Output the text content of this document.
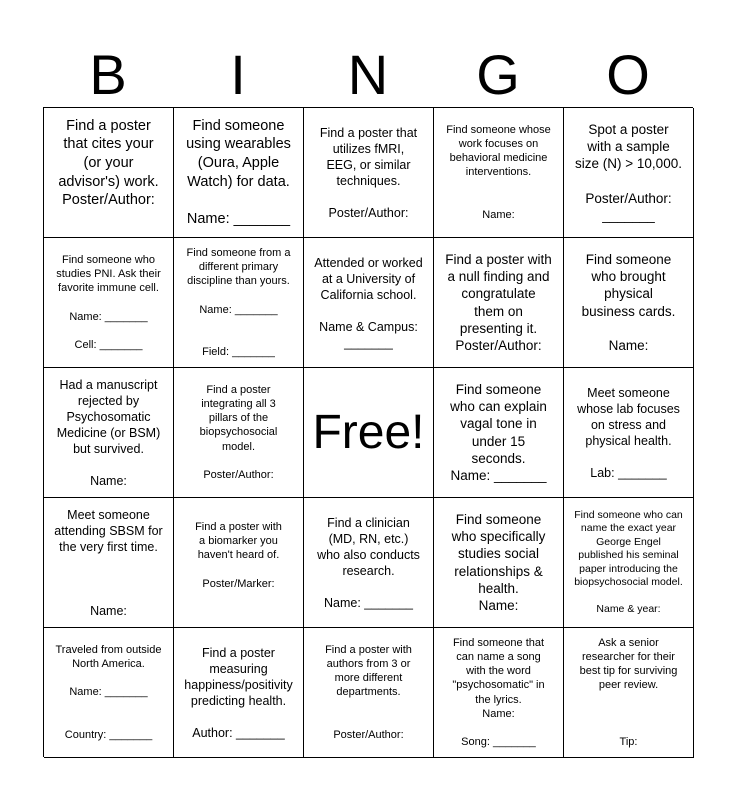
B	I	N	G	O
Find a poster
that cites your
(or your
advisor's) work.
Poster/Author:

Find someone
using wearables
(Oura, Apple
Watch) for data.

Name: _______
Find a poster that
utilizes fMRI,
EEG, or similar
techniques.

Poster/Author:

Find someone whose
work focuses on
behavioral medicine
interventions.

Name:
Spot a poster
with a sample
size (N) > 10,000.

Poster/Author:
_______
Find someone who
studies PNI. Ask their
favorite immune cell.

Name: _______

Cell: _______
Find someone from a
different primary
discipline than yours.

Name: _______

Field: _______
Attended or worked
at a University of
California school.

Name & Campus:
_______
Find a poster with
a null finding and
congratulate
them on
presenting it.
Poster/Author:
Find someone
who brought
physical
business cards.

Name:
Had a manuscript
rejected by
Psychosomatic
Medicine (or BSM)
but survived.

Name:
Find a poster
integrating all 3
pillars of the
biopsychosocial
model.

Poster/Author:
Free!
Find someone
who can explain
vagal tone in
under 15
seconds.
Name: _______
Meet someone
whose lab focuses
on stress and
physical health.

Lab: _______
Meet someone
attending SBSM for
the very first time.

Name:
Find a poster with
a biomarker you
haven't heard of.

Poster/Marker:

Find a clinician
(MD, RN, etc.)
who also conducts
research.

Name: _______
Find someone
who specifically
studies social
relationships &
health.
Name:
Find someone who can
name the exact year
George Engel
published his seminal
paper introducing the
biopsychosocial model.

Name & year:
Traveled from outside
North America.

Name: _______

Country: _______
Find a poster
measuring
happiness/positivity
predicting health.

Author: _______
Find a poster with
authors from 3 or
more different
departments.

Poster/Author:

Find someone that
can name a song
with the word
"psychosomatic" in
the lyrics.
Name:

Song: _______
Ask a senior
researcher for their
best tip for surviving
peer review.

Tip:
